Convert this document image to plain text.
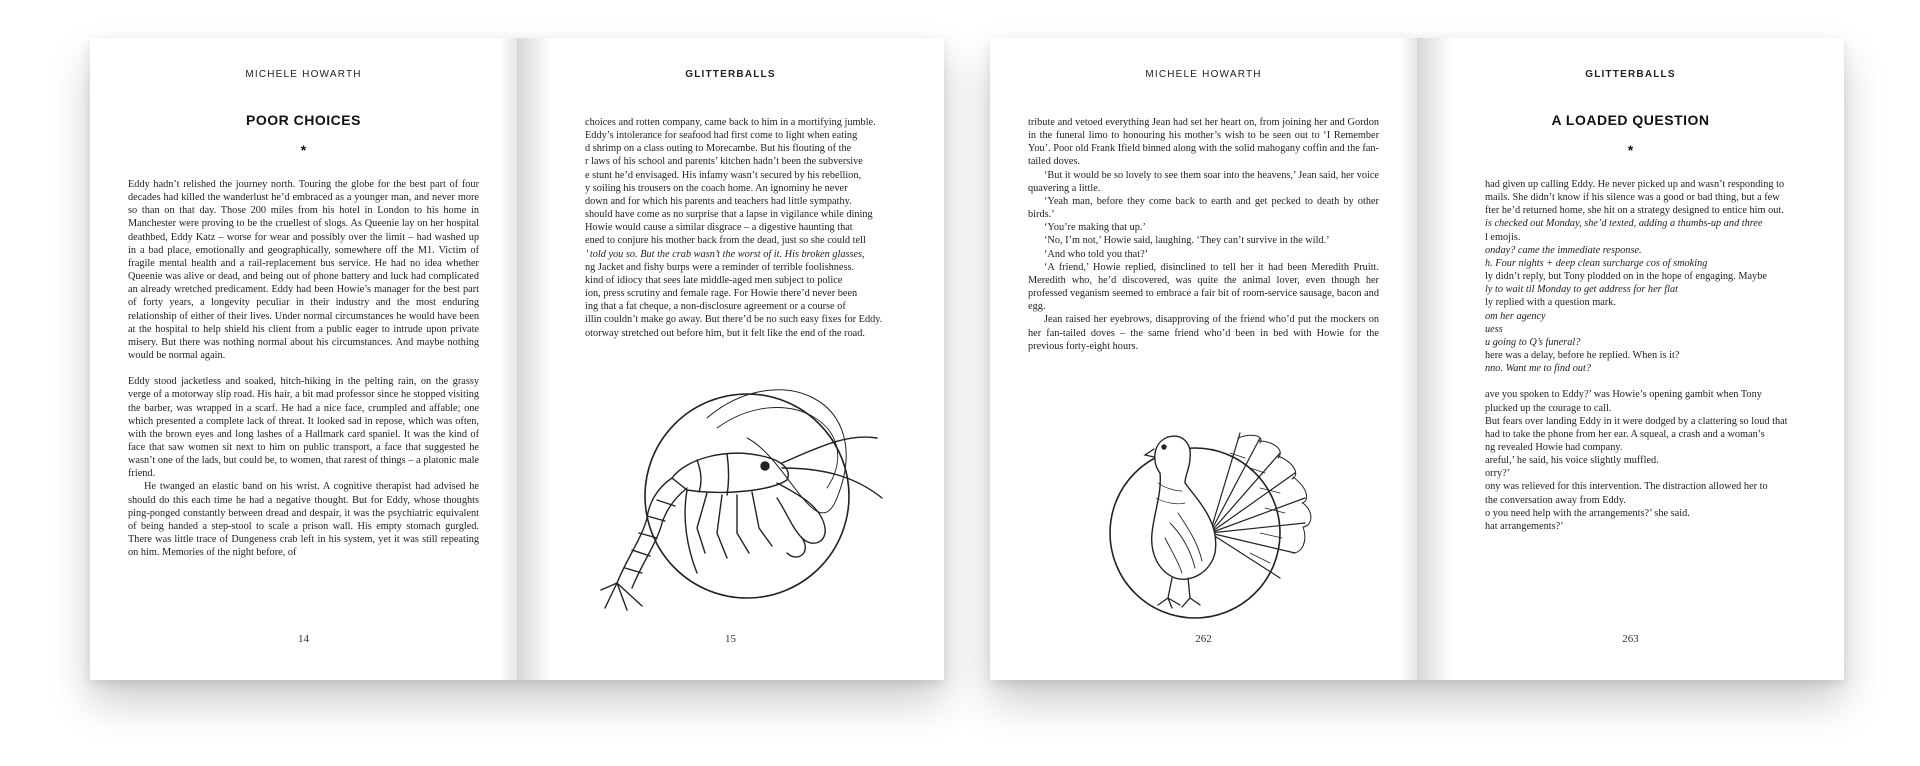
MICHELE HOWARTH
POOR CHOICES
*

Eddy hadn’t relished the journey north. Touring the globe for the best part of four decades had killed the wanderlust he’d embraced as a younger man, and never more so than on that day. Those 200 miles from his hotel in London to his home in Manchester were proving to be the cruellest of slogs. As Queenie lay on her hospital deathbed, Eddy Katz – worse for wear and possibly over the limit – had washed up in a bad place, emotionally and geographically, somewhere off the M1. Victim of fragile mental health and a rail-replacement bus service. He had no idea whether Queenie was alive or dead, and being out of phone battery and luck had complicated an already wretched predicament. Eddy had been Howie’s manager for the best part of forty years, a longevity peculiar in their industry and the most enduring relationship of either of their lives. Under normal circumstances he would have been at the hospital to help shield his client from a public eager to intrude upon private misery. But there was nothing normal about his circumstances. And maybe nothing would be normal again.

Eddy stood jacketless and soaked, hitch-hiking in the pelting rain, on the grassy verge of a motorway slip road. His hair, a bit mad professor since he stopped visiting the barber, was wrapped in a scarf. He had a nice face, crumpled and affable; one which presented a complete lack of threat. It looked sad in repose, which was often, with the brown eyes and long lashes of a Hallmark card spaniel. It was the kind of face that saw women sit next to him on public transport, a face that suggested he wasn’t one of the lads, but could be, to women, that rarest of things – a platonic male friend.

He twanged an elastic band on his wrist. A cognitive therapist had advised he should do this each time he had a negative thought. But for Eddy, whose thoughts ping-ponged constantly between dread and despair, it was the psychiatric equivalent of being handed a step-stool to scale a prison wall. His empty stomach gurgled. There was little trace of Dungeness crab left in his system, yet it was still repeating on him. Memories of the night before, of

14
GLITTERBALLS

choices and rotten company, came back to him in a mortifying jumble.

Eddy’s intolerance for seafood had first come to light when eating

d shrimp on a class outing to Morecambe. But his flouting of the

r laws of his school and parents’ kitchen hadn’t been the subversive

e stunt he’d envisaged. His infamy wasn’t secured by his rebellion,

y soiling his trousers on the coach home. An ignominy he never

down and for which his parents and teachers had little sympathy.

should have come as no surprise that a lapse in vigilance while dining

Howie would cause a similar disgrace – a digestive haunting that

ened to conjure his mother back from the dead, just so she could tell

’ told you so. But the crab wasn’t the worst of it. His broken glasses,

ng Jacket and fishy burps were a reminder of terrible foolishness.

kind of idiocy that sees late middle-aged men subject to police

ion, press scrutiny and female rage. For Howie there’d never been

ing that a fat cheque, a non-disclosure agreement or a course of

illin couldn’t make go away. But there’d be no such easy fixes for Eddy.

otorway stretched out before him, but it felt like the end of the road.

15
MICHELE HOWARTH

tribute and vetoed everything Jean had set her heart on, from joining her and Gordon in the funeral limo to honouring his mother’s wish to be seen out to ‘I Remember You’. Poor old Frank Ifield binned along with the solid mahogany coffin and the fan-tailed doves.

‘But it would be so lovely to see them soar into the heavens,’ Jean said, her voice quavering a little.

‘Yeah man, before they come back to earth and get pecked to death by other birds.’

‘You’re making that up.’

‘No, I’m not,’ Howie said, laughing. ‘They can’t survive in the wild.’

‘And who told you that?’

‘A friend,’ Howie replied, disinclined to tell her it had been Meredith Pruitt. Meredith who, he’d discovered, was quite the animal lover, even though her professed veganism seemed to embrace a fair bit of room-service sausage, bacon and egg.

Jean raised her eyebrows, disapproving of the friend who’d put the mockers on her fan-tailed doves – the same friend who’d been in bed with Howie for the previous forty-eight hours.

262
GLITTERBALLS
A LOADED QUESTION
*

had given up calling Eddy. He never picked up and wasn’t responding to

mails. She didn’t know if his silence was a good or bad thing, but a few

fter he’d returned home, she hit on a strategy designed to entice him out.

is checked out Monday, she’d texted, adding a thumbs-up and three

l emojis.

onday? came the immediate response.

h. Four nights + deep clean surcharge cos of smoking

ly didn’t reply, but Tony plodded on in the hope of engaging. Maybe

ly to wait til Monday to get address for her flat

ly replied with a question mark.

om her agency

uess

u going to Q’s funeral?

here was a delay, before he replied. When is it?

nno. Want me to find out?

ave you spoken to Eddy?’ was Howie’s opening gambit when Tony

plucked up the courage to call.

But fears over landing Eddy in it were dodged by a clattering so loud that

had to take the phone from her ear. A squeal, a crash and a woman’s

ng revealed Howie had company.

areful,’ he said, his voice slightly muffled.

orry?’

ony was relieved for this intervention. The distraction allowed her to

the conversation away from Eddy.

o you need help with the arrangements?’ she said.

hat arrangements?’

263
